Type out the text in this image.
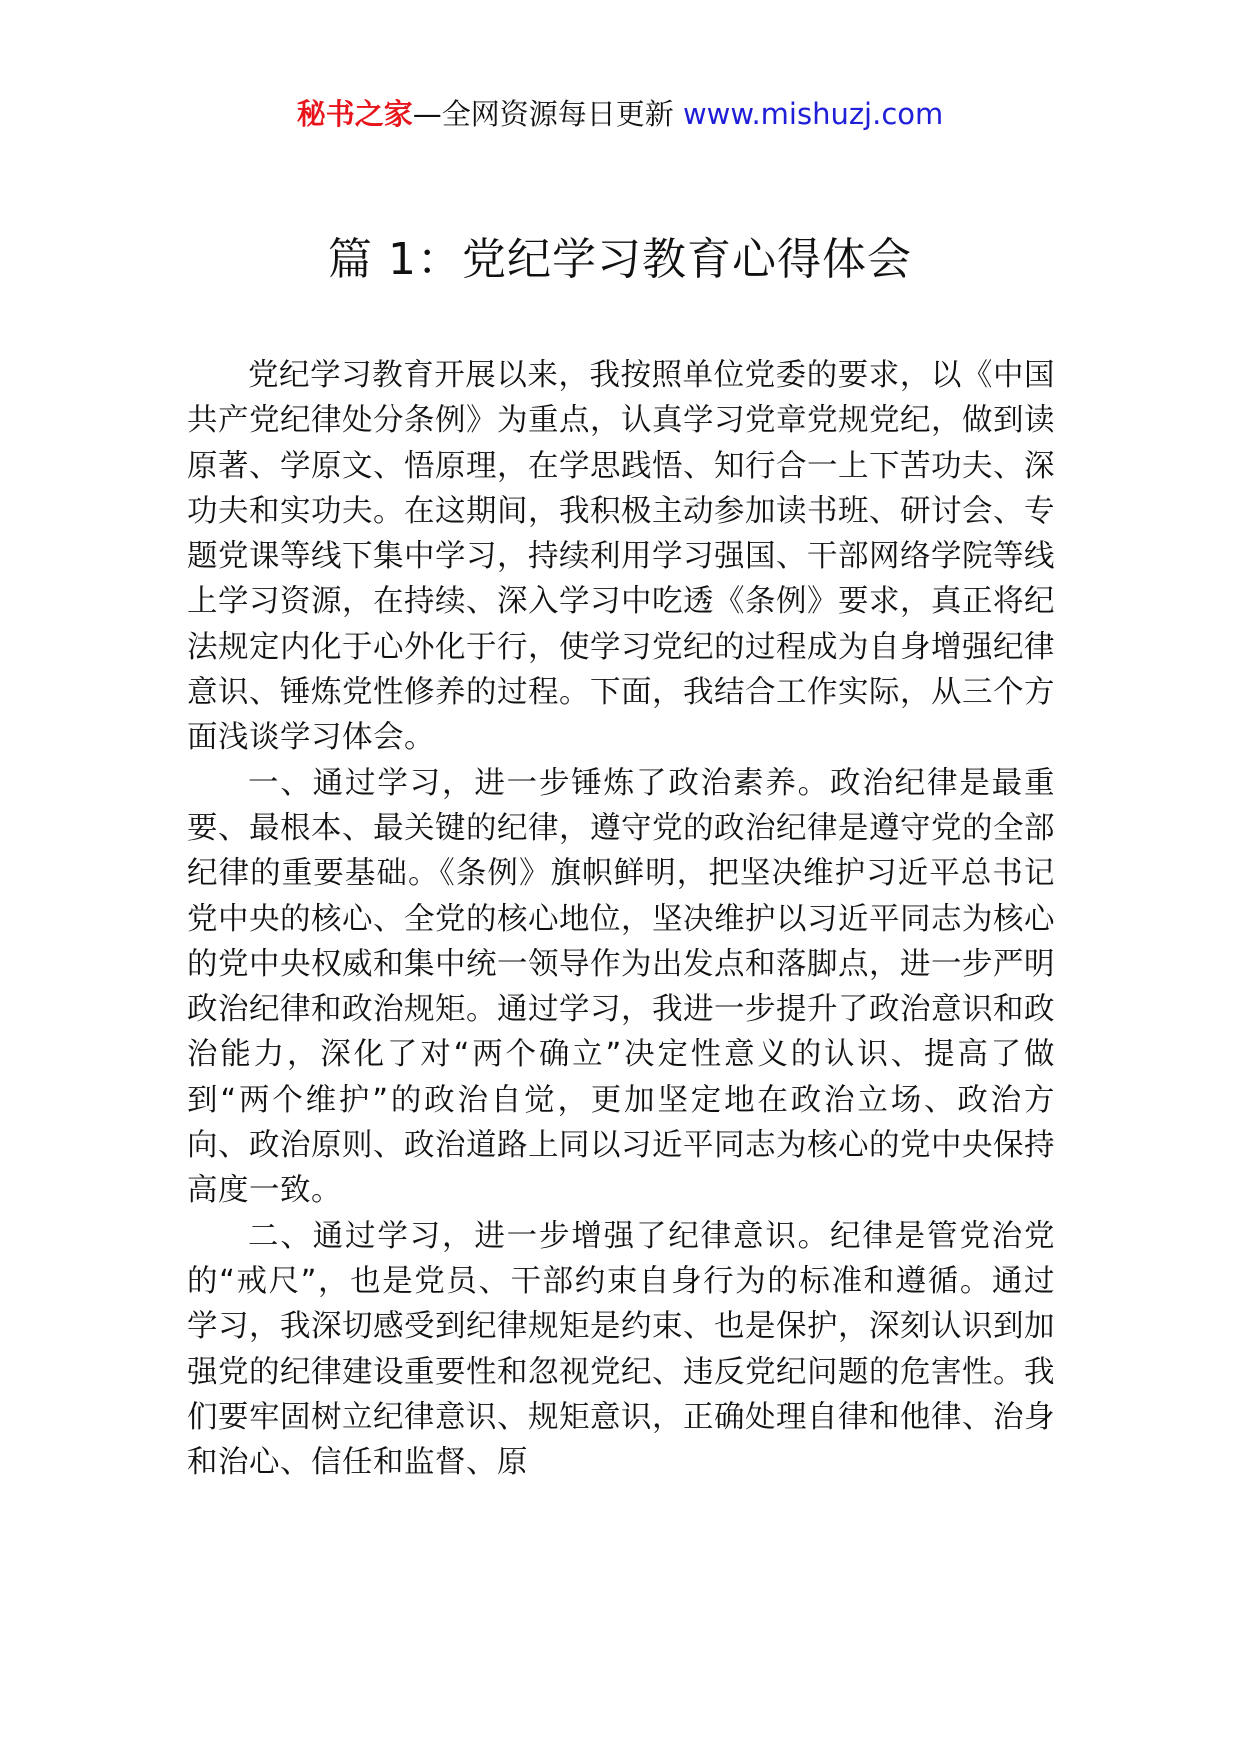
秘书之家—全网资源每日更新 www.mishuzj.com
篇 1：党纪学习教育心得体会

党纪学习教育开展以来，我按照单位党委的要求，以《中国共产党纪律处分条例》为重点，认真学习党章党规党纪，做到读原著、学原文、悟原理，在学思践悟、知行合一上下苦功夫、深功夫和实功夫。在这期间，我积极主动参加读书班、研讨会、专题党课等线下集中学习，持续利用学习强国、干部网络学院等线上学习资源，在持续、深入学习中吃透《条例》要求，真正将纪法规定内化于心外化于行，使学习党纪的过程成为自身增强纪律意识、锤炼党性修养的过程。下面，我结合工作实际，从三个方面浅谈学习体会。

一、通过学习，进一步锤炼了政治素养。政治纪律是最重要、最根本、最关键的纪律，遵守党的政治纪律是遵守党的全部纪律的重要基础。《条例》旗帜鲜明，把坚决维护习近平总书记党中央的核心、全党的核心地位，坚决维护以习近平同志为核心的党中央权威和集中统一领导作为出发点和落脚点，进一步严明政治纪律和政治规矩。通过学习，我进一步提升了政治意识和政治能力，深化了对“两个确立”决定性意义的认识、提高了做到“两个维护”的政治自觉，更加坚定地在政治立场、政治方向、政治原则、政治道路上同以习近平同志为核心的党中央保持高度一致。

二、通过学习，进一步增强了纪律意识。纪律是管党治党的“戒尺”，也是党员、干部约束自身行为的标准和遵循。通过学习，我深切感受到纪律规矩是约束、也是保护，深刻认识到加强党的纪律建设重要性和忽视党纪、违反党纪问题的危害性。我们要牢固树立纪律意识、规矩意识，正确处理自律和他律、治身和治心、信任和监督、原
